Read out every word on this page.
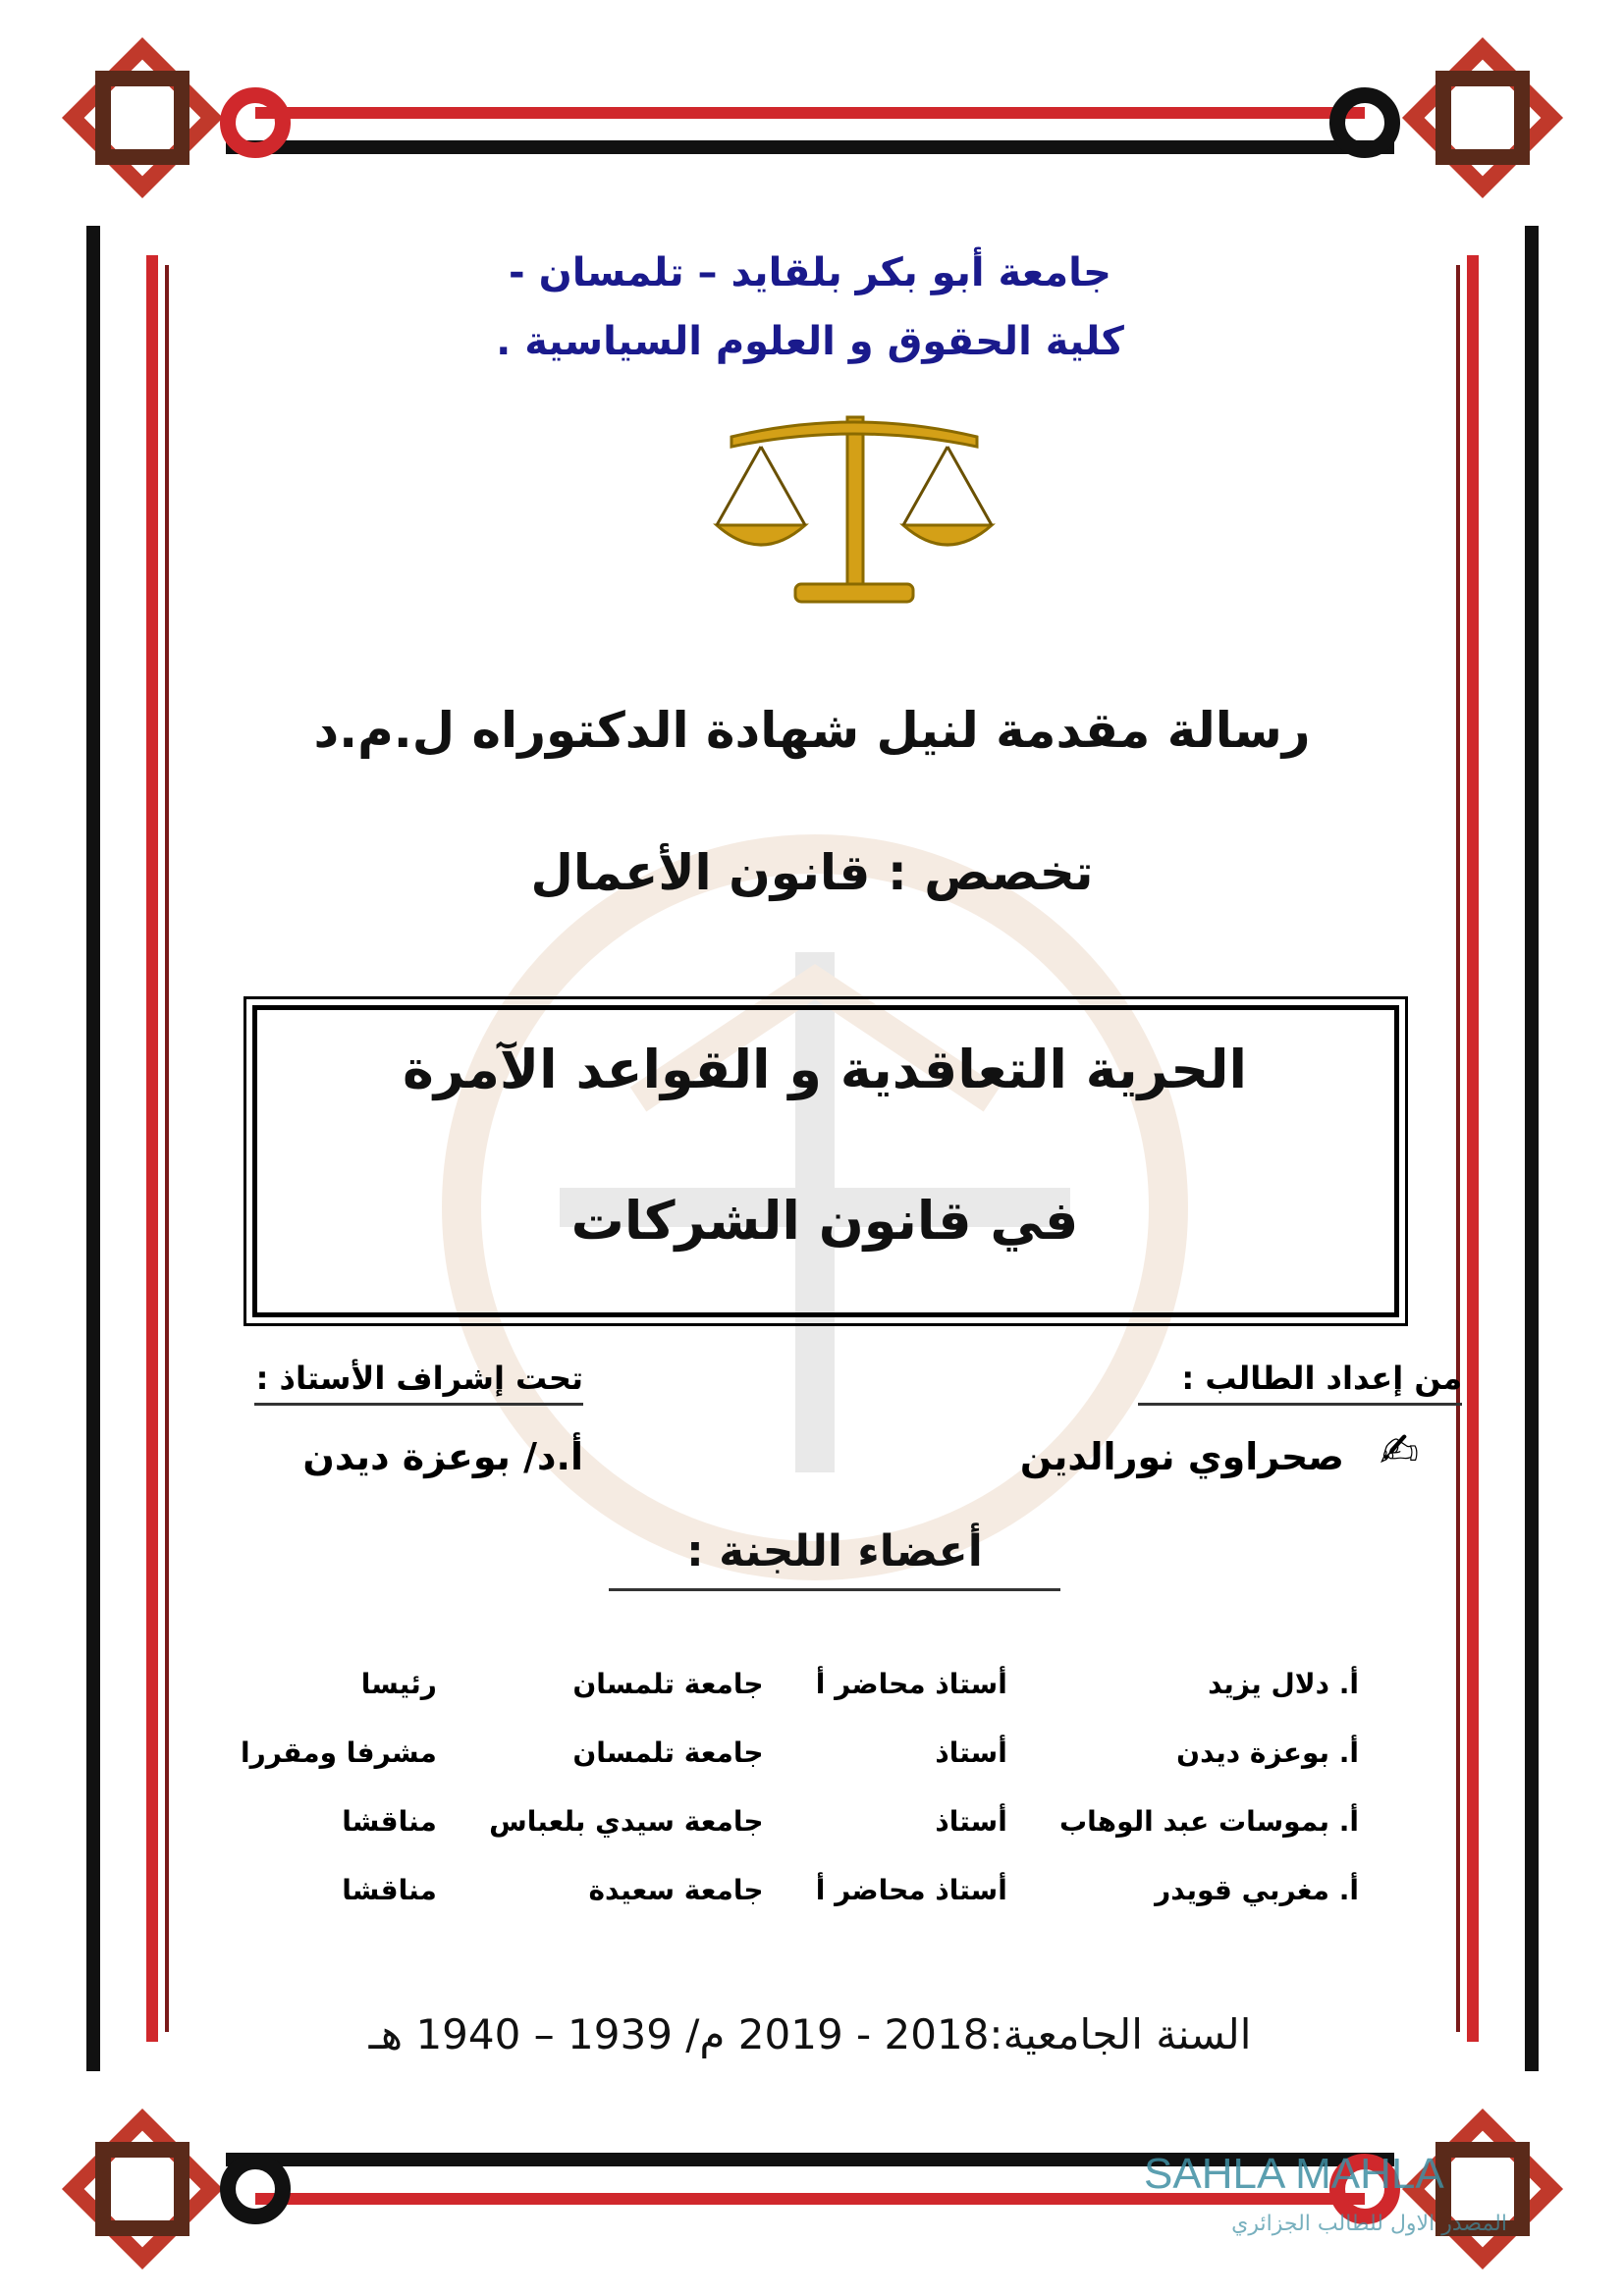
جامعة أبو بكر بلقايد – تلمسان -
كلية الحقوق و العلوم السياسية .
رسالة مقدمة لنيل شهادة الدكتوراه ل.م.د
تخصص : قانون الأعمال
الحرية التعاقدية و القواعد الآمرة
في قانون الشركات
من إعداد الطالب :
تحت إشراف الأستاذ :
✍
صحراوي نورالدين
أ.د/ بوعزة ديدن
أعضاء اللجنة :
أ. دلال يزيد
أستاذ محاضر أ
جامعة تلمسان
رئيسا
أ. بوعزة ديدن
أستاذ
جامعة تلمسان
مشرفا ومقررا
أ. بموسات عبد الوهاب
أستاذ
جامعة سيدي بلعباس
مناقشا
أ. مغربي قويدر
أستاذ محاضر أ
جامعة سعيدة
مناقشا
السنة الجامعية:2018 - 2019 م/ 1939 – 1940 هـ
SAHLA MAHLA
المصدر الاول للطالب الجزائري
